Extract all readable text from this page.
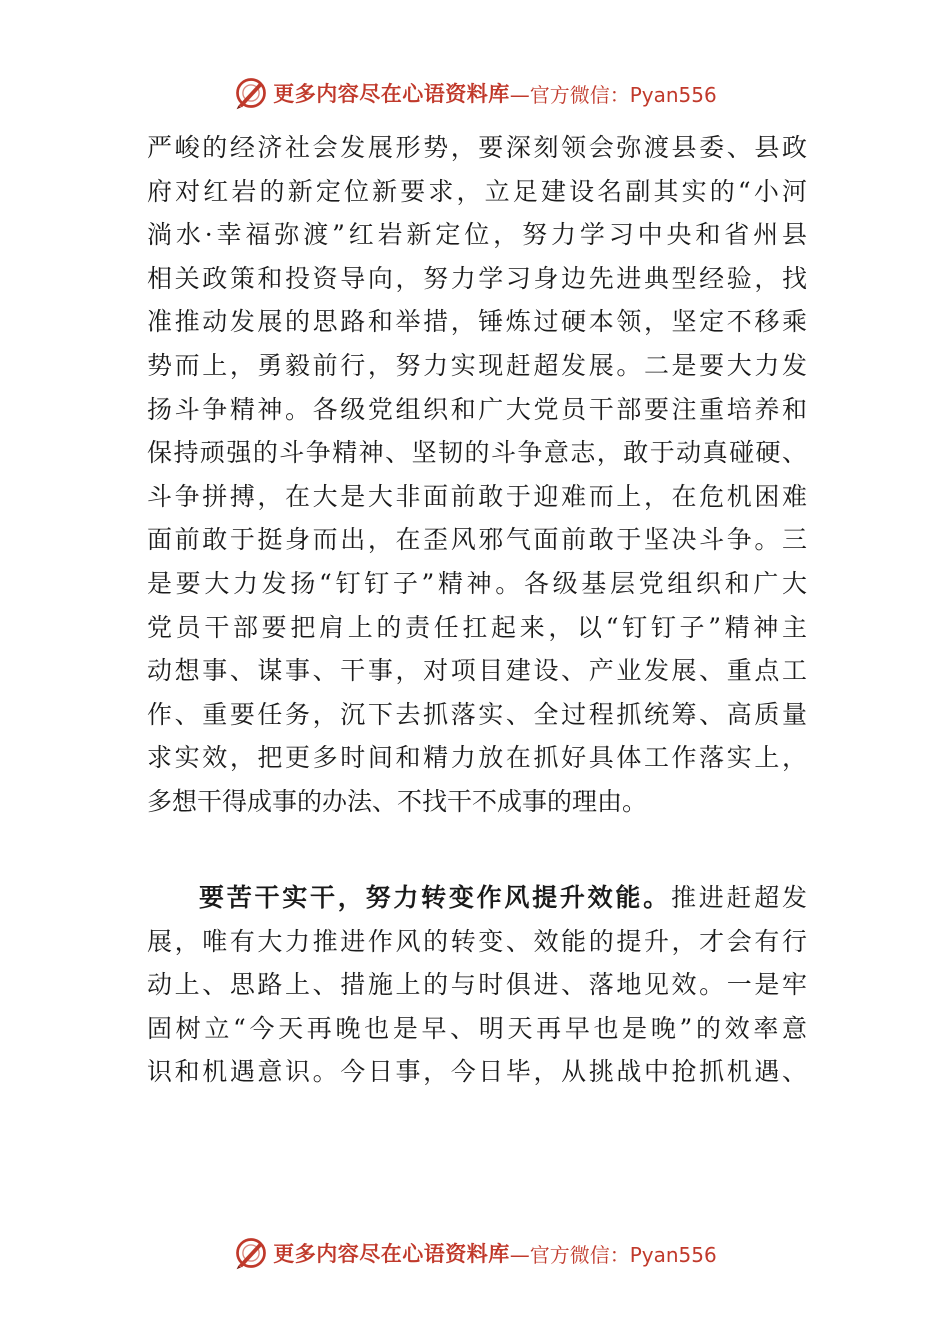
更多内容尽在心语资料库 —官方微信：Pyan556
严峻的经济社会发展形势，要深刻领会弥渡县委、县政
府对红岩的新定位新要求，立足建设名副其实的“小河
淌水·幸福弥渡”红岩新定位，努力学习中央和省州县
相关政策和投资导向，努力学习身边先进典型经验，找
准推动发展的思路和举措，锤炼过硬本领，坚定不移乘
势而上，勇毅前行，努力实现赶超发展。二是要大力发
扬斗争精神。各级党组织和广大党员干部要注重培养和
保持顽强的斗争精神、坚韧的斗争意志，敢于动真碰硬、
斗争拼搏，在大是大非面前敢于迎难而上，在危机困难
面前敢于挺身而出，在歪风邪气面前敢于坚决斗争。三
是要大力发扬“钉钉子”精神。各级基层党组织和广大
党员干部要把肩上的责任扛起来，以“钉钉子”精神主
动想事、谋事、干事，对项目建设、产业发展、重点工
作、重要任务，沉下去抓落实、全过程抓统筹、高质量
求实效，把更多时间和精力放在抓好具体工作落实上，
多想干得成事的办法、不找干不成事的理由。
要苦干实干，努力转变作风提升效能。推进赶超发
展，唯有大力推进作风的转变、效能的提升，才会有行
动上、思路上、措施上的与时俱进、落地见效。一是牢
固树立“今天再晚也是早、明天再早也是晚”的效率意
识和机遇意识。今日事，今日毕，从挑战中抢抓机遇、
更多内容尽在心语资料库 —官方微信：Pyan556
